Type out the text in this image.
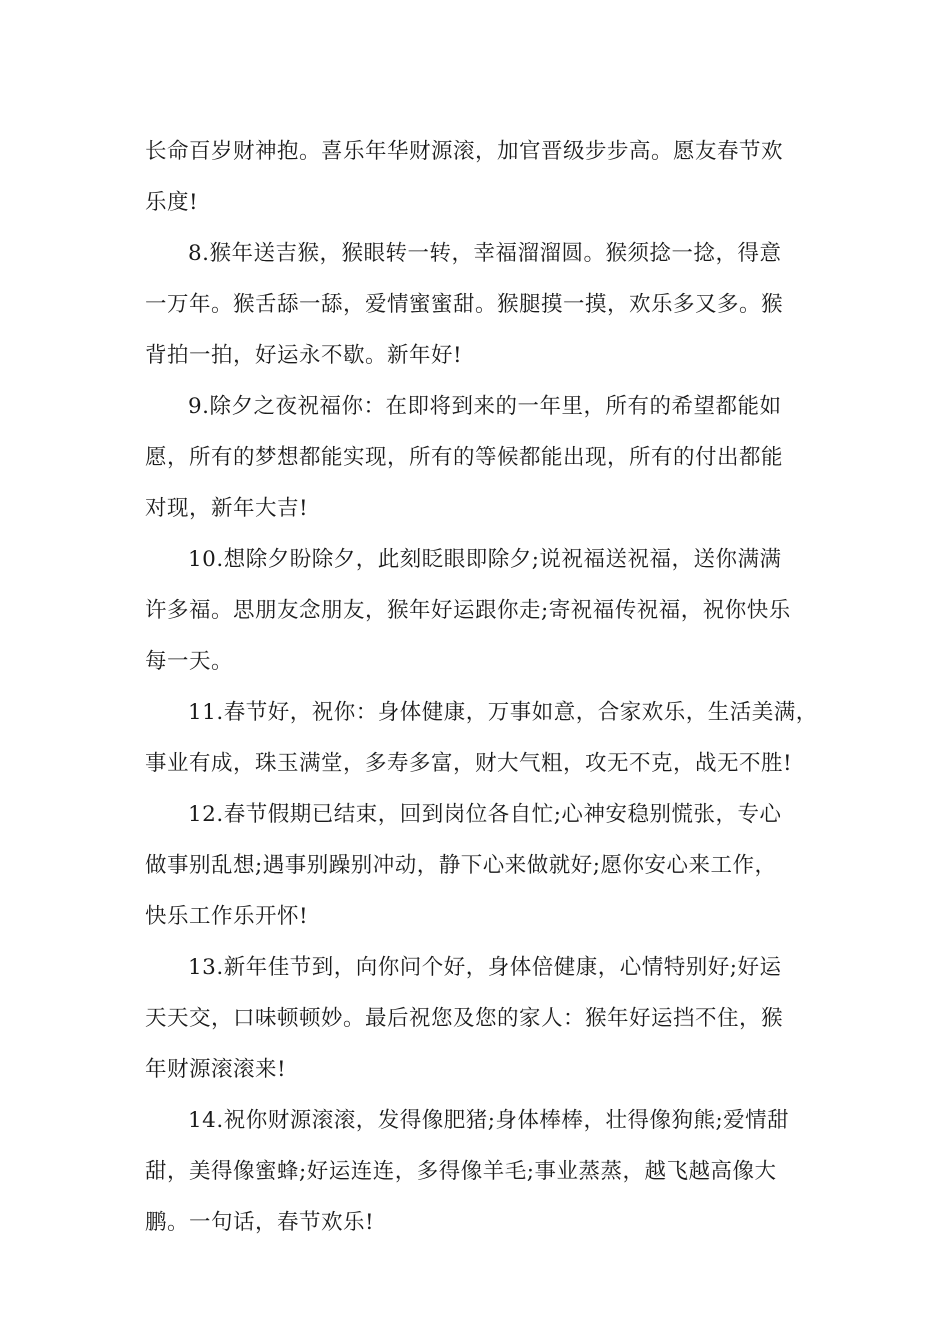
长命百岁财神抱。喜乐年华财源滚，加官晋级步步高。愿友春节欢
乐度!

8.猴年送吉猴，猴眼转一转，幸福溜溜圆。猴须捻一捻，得意
一万年。猴舌舔一舔，爱情蜜蜜甜。猴腿摸一摸，欢乐多又多。猴
背拍一拍，好运永不歇。新年好!

9.除夕之夜祝福你：在即将到来的一年里，所有的希望都能如
愿，所有的梦想都能实现，所有的等候都能出现，所有的付出都能
对现，新年大吉!

10.想除夕盼除夕，此刻眨眼即除夕;说祝福送祝福，送你满满
许多福。思朋友念朋友，猴年好运跟你走;寄祝福传祝福，祝你快乐
每一天。

11.春节好，祝你：身体健康，万事如意，合家欢乐，生活美满，
事业有成，珠玉满堂，多寿多富，财大气粗，攻无不克，战无不胜!

12.春节假期已结束，回到岗位各自忙;心神安稳别慌张，专心
做事别乱想;遇事别躁别冲动，静下心来做就好;愿你安心来工作，
快乐工作乐开怀!

13.新年佳节到，向你问个好，身体倍健康，心情特别好;好运
天天交，口味顿顿妙。最后祝您及您的家人：猴年好运挡不住，猴
年财源滚滚来!

14.祝你财源滚滚，发得像肥猪;身体棒棒，壮得像狗熊;爱情甜
甜，美得像蜜蜂;好运连连，多得像羊毛;事业蒸蒸，越飞越高像大
鹏。一句话，春节欢乐!
